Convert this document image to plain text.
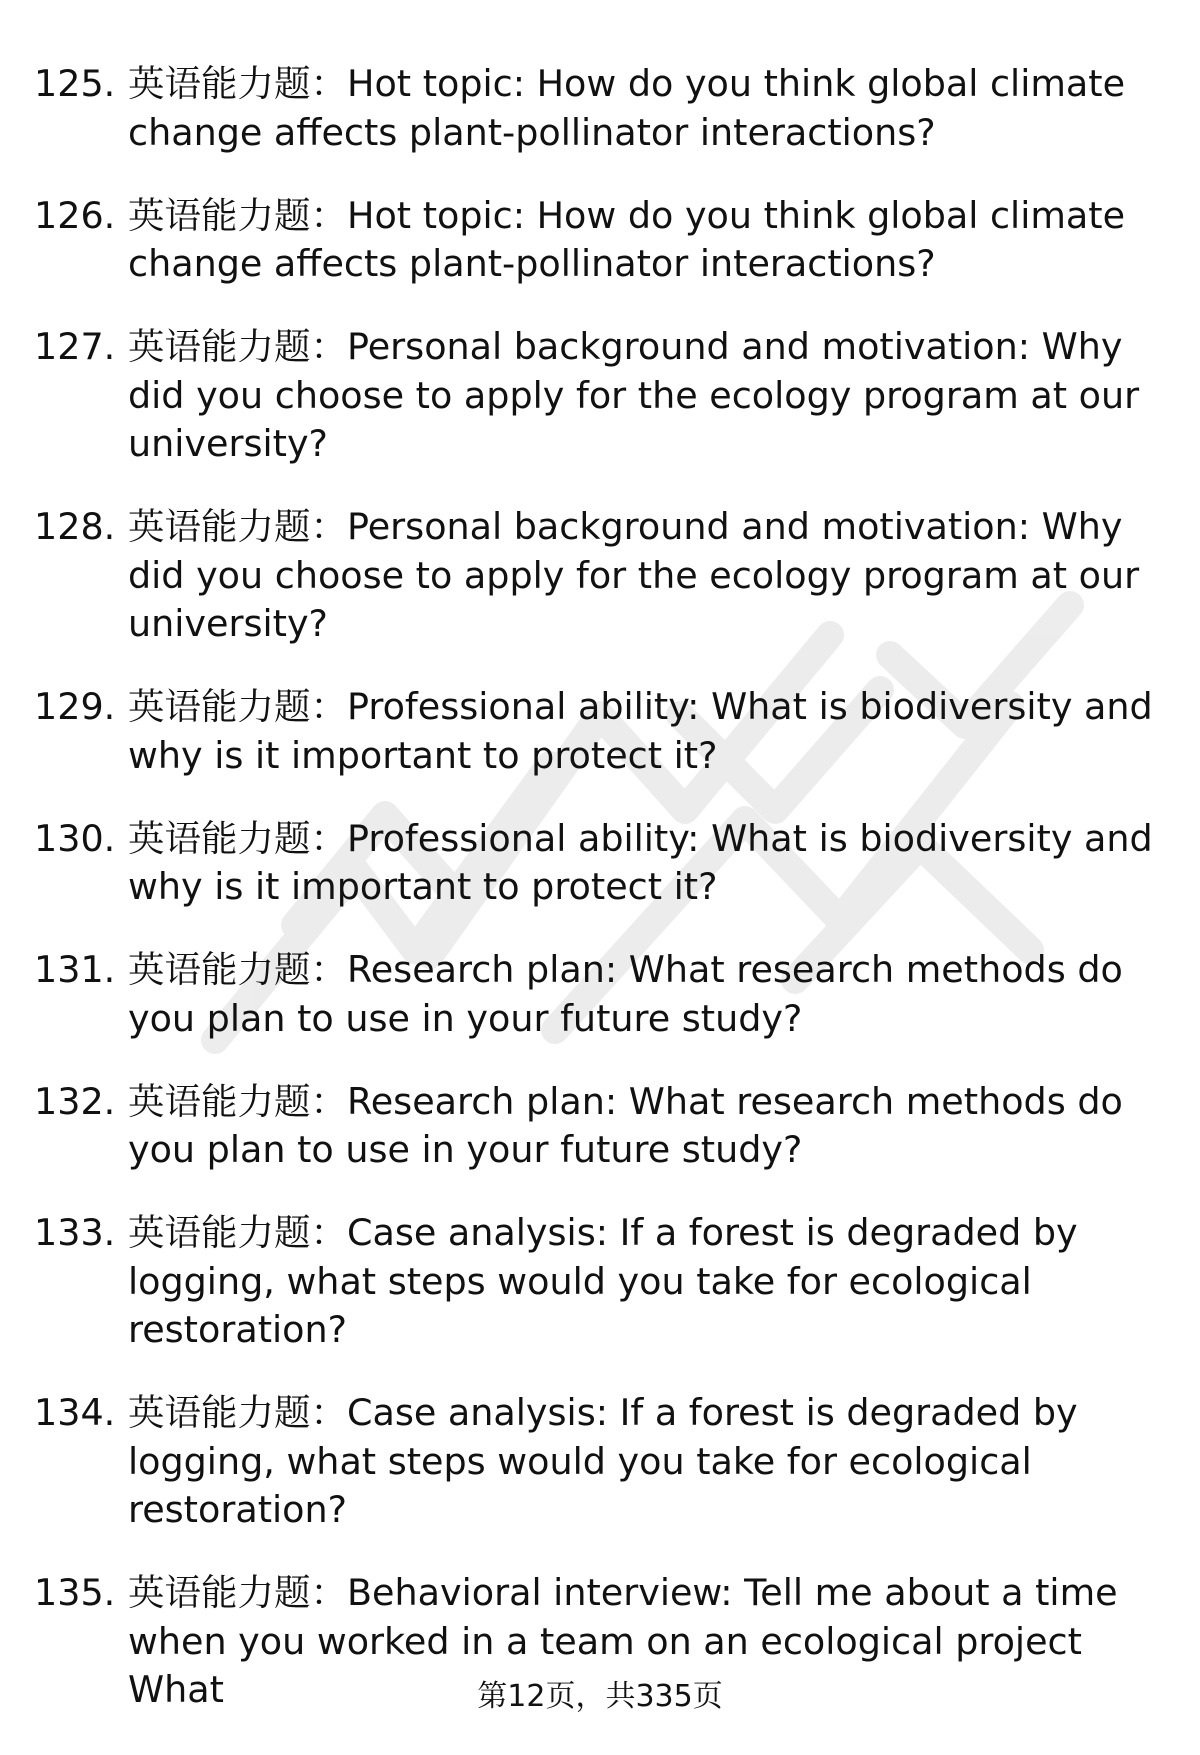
125. 英语能力题：Hot topic: How do you think global climate change affects plant-pollinator interactions?
126. 英语能力题：Hot topic: How do you think global climate change affects plant-pollinator interactions?
127. 英语能力题：Personal background and motivation: Why did you choose to apply for the ecology program at our university?
128. 英语能力题：Personal background and motivation: Why did you choose to apply for the ecology program at our university?
129. 英语能力题：Professional ability: What is biodiversity and why is it important to protect it?
130. 英语能力题：Professional ability: What is biodiversity and why is it important to protect it?
131. 英语能力题：Research plan: What research methods do you plan to use in your future study?
132. 英语能力题：Research plan: What research methods do you plan to use in your future study?
133. 英语能力题：Case analysis: If a forest is degraded by logging, what steps would you take for ecological restoration?
134. 英语能力题：Case analysis: If a forest is degraded by logging, what steps would you take for ecological restoration?
135. 英语能力题：Behavioral interview: Tell me about a time when you worked in a team on an ecological project What	第12页，共335页
